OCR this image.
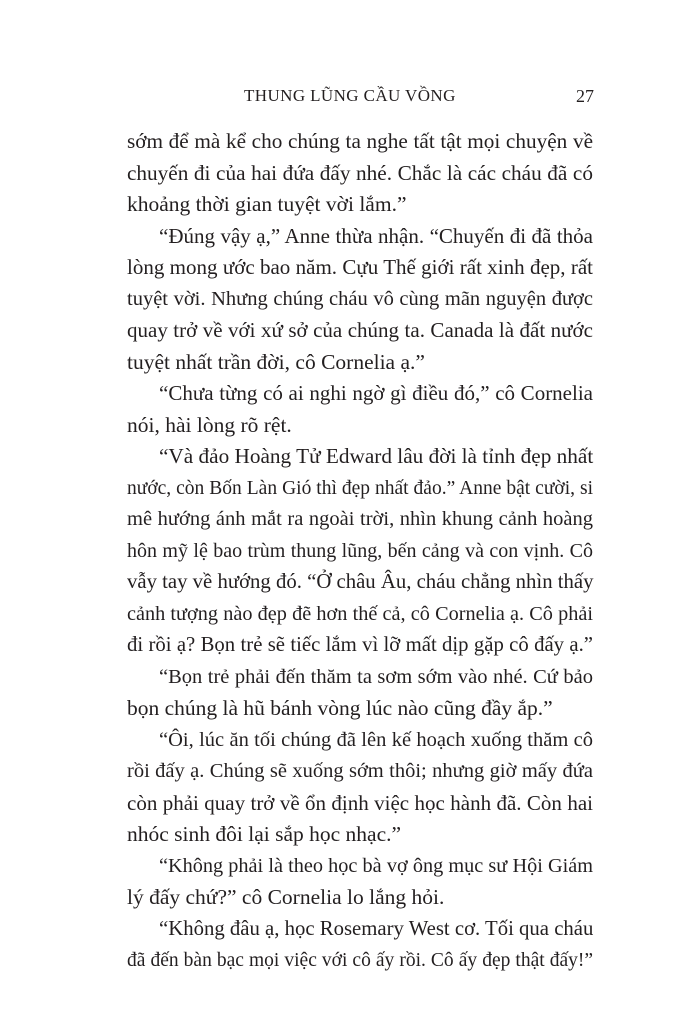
THUNG LŨNG CẦU VỒNG	27
sớm để mà kể cho chúng ta nghe tất tật mọi chuyện về
chuyến đi của hai đứa đấy nhé. Chắc là các cháu đã có
khoảng thời gian tuyệt vời lắm.”
“Đúng vậy ạ,” Anne thừa nhận. “Chuyến đi đã thỏa
lòng mong ước bao năm. Cựu Thế giới rất xinh đẹp, rất
tuyệt vời. Nhưng chúng cháu vô cùng mãn nguyện được
quay trở về với xứ sở của chúng ta. Canada là đất nước
tuyệt nhất trần đời, cô Cornelia ạ.”
“Chưa từng có ai nghi ngờ gì điều đó,” cô Cornelia
nói, hài lòng rõ rệt.
“Và đảo Hoàng Tử Edward lâu đời là tỉnh đẹp nhất
nước, còn Bốn Làn Gió thì đẹp nhất đảo.” Anne bật cười, si
mê hướng ánh mắt ra ngoài trời, nhìn khung cảnh hoàng
hôn mỹ lệ bao trùm thung lũng, bến cảng và con vịnh. Cô
vẫy tay về hướng đó. “Ở châu Âu, cháu chẳng nhìn thấy
cảnh tượng nào đẹp đẽ hơn thế cả, cô Cornelia ạ. Cô phải
đi rồi ạ? Bọn trẻ sẽ tiếc lắm vì lỡ mất dịp gặp cô đấy ạ.”
“Bọn trẻ phải đến thăm ta sơm sớm vào nhé. Cứ bảo
bọn chúng là hũ bánh vòng lúc nào cũng đầy ắp.”
“Ôi, lúc ăn tối chúng đã lên kế hoạch xuống thăm cô
rồi đấy ạ. Chúng sẽ xuống sớm thôi; nhưng giờ mấy đứa
còn phải quay trở về ổn định việc học hành đã. Còn hai
nhóc sinh đôi lại sắp học nhạc.”
“Không phải là theo học bà vợ ông mục sư Hội Giám
lý đấy chứ?” cô Cornelia lo lắng hỏi.
“Không đâu ạ, học Rosemary West cơ. Tối qua cháu
đã đến bàn bạc mọi việc với cô ấy rồi. Cô ấy đẹp thật đấy!”
